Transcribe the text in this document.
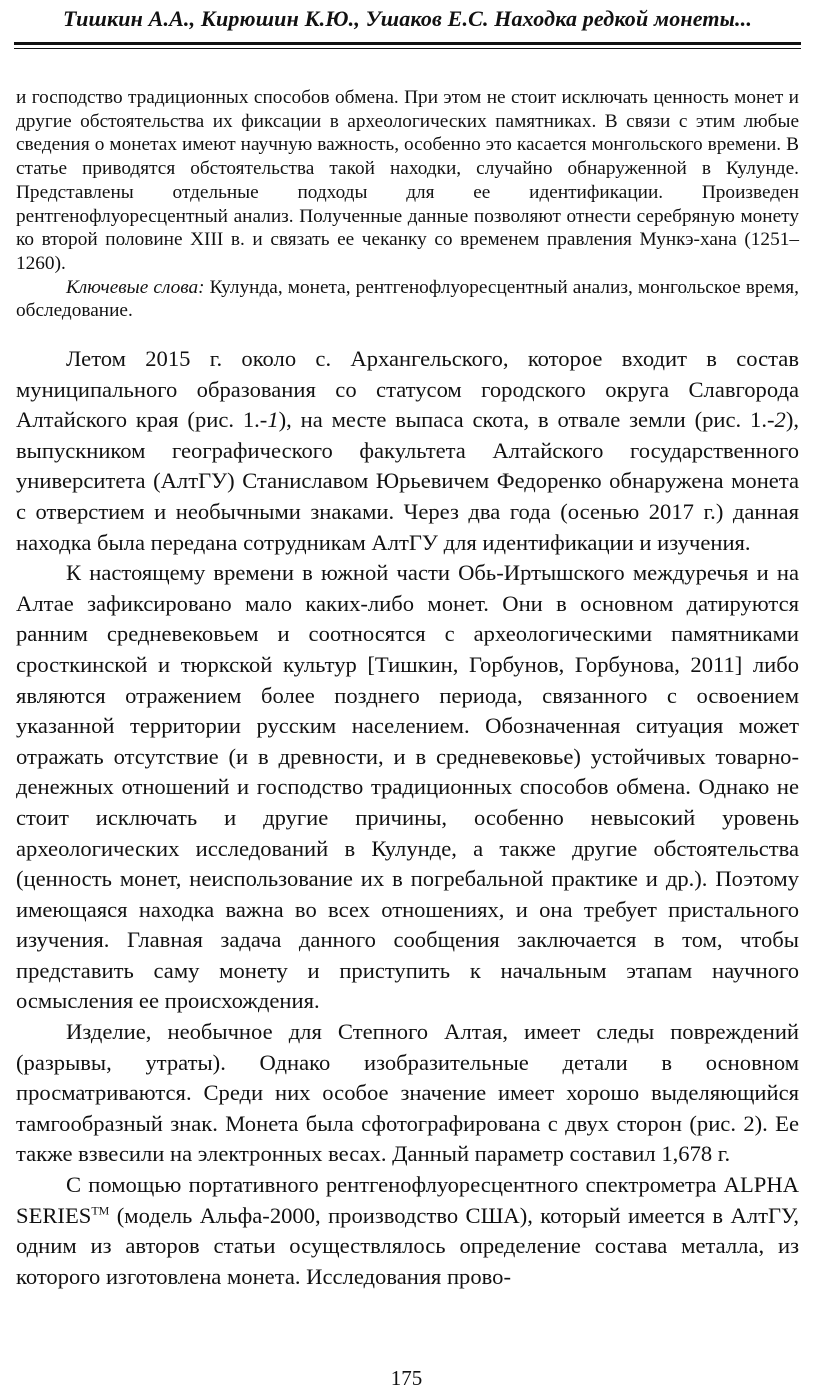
Тишкин А.А., Кирюшин К.Ю., Ушаков Е.С. Находка редкой монеты...

и господство традиционных способов обмена. При этом не стоит исключать ценность монет и другие обстоятельства их фиксации в археологических памятниках. В связи с этим любые сведения о монетах имеют научную важность, особенно это касается монгольского времени. В статье приводятся обстоятельства такой находки, случайно обнаруженной в Кулунде. Представлены отдельные подходы для ее идентификации. Произведен рентгенофлуоресцентный анализ. Полученные данные позволяют отнести серебряную монету ко второй половине XIII в. и связать ее чеканку со временем правления Мункэ-хана (1251–1260).

Ключевые слова: Кулунда, монета, рентгенофлуоресцентный анализ, монгольское время, обследование.

Летом 2015 г. около с. Архангельского, которое входит в состав муниципального образования со статусом городского округа Славгорода Алтайского края (рис. 1.-1), на месте выпаса скота, в отвале земли (рис. 1.-2), выпускником географического факультета Алтайского государственного университета (АлтГУ) Станиславом Юрьевичем Федоренко обнаружена монета с отверстием и необычными знаками. Через два года (осенью 2017 г.) данная находка была передана сотрудникам АлтГУ для идентификации и изучения.

К настоящему времени в южной части Обь-Иртышского междуречья и на Алтае зафиксировано мало каких-либо монет. Они в основном датируются ранним средневековьем и соотносятся с археологическими памятниками сросткинской и тюркской культур [Тишкин, Горбунов, Горбунова, 2011] либо являются отражением более позднего периода, связанного с освоением указанной территории русским населением. Обозначенная ситуация может отражать отсутствие (и в древности, и в средневековье) устойчивых товарно-денежных отношений и господство традиционных способов обмена. Однако не стоит исключать и другие причины, особенно невысокий уровень археологических исследований в Кулунде, а также другие обстоятельства (ценность монет, неиспользование их в погребальной практике и др.). Поэтому имеющаяся находка важна во всех отношениях, и она требует пристального изучения. Главная задача данного сообщения заключается в том, чтобы представить саму монету и приступить к начальным этапам научного осмысления ее происхождения.

Изделие, необычное для Степного Алтая, имеет следы повреждений (разрывы, утраты). Однако изобразительные детали в основном просматриваются. Среди них особое значение имеет хорошо выделяющийся тамгообразный знак. Монета была сфотографирована с двух сторон (рис. 2). Ее также взвесили на электронных весах. Данный параметр составил 1,678 г.

С помощью портативного рентгенофлуоресцентного спектрометра ALPHA SERIES™ (модель Альфа-2000, производство США), который имеется в АлтГУ, одним из авторов статьи осуществлялось определение состава металла, из которого изготовлена монета. Исследования прово-

175
